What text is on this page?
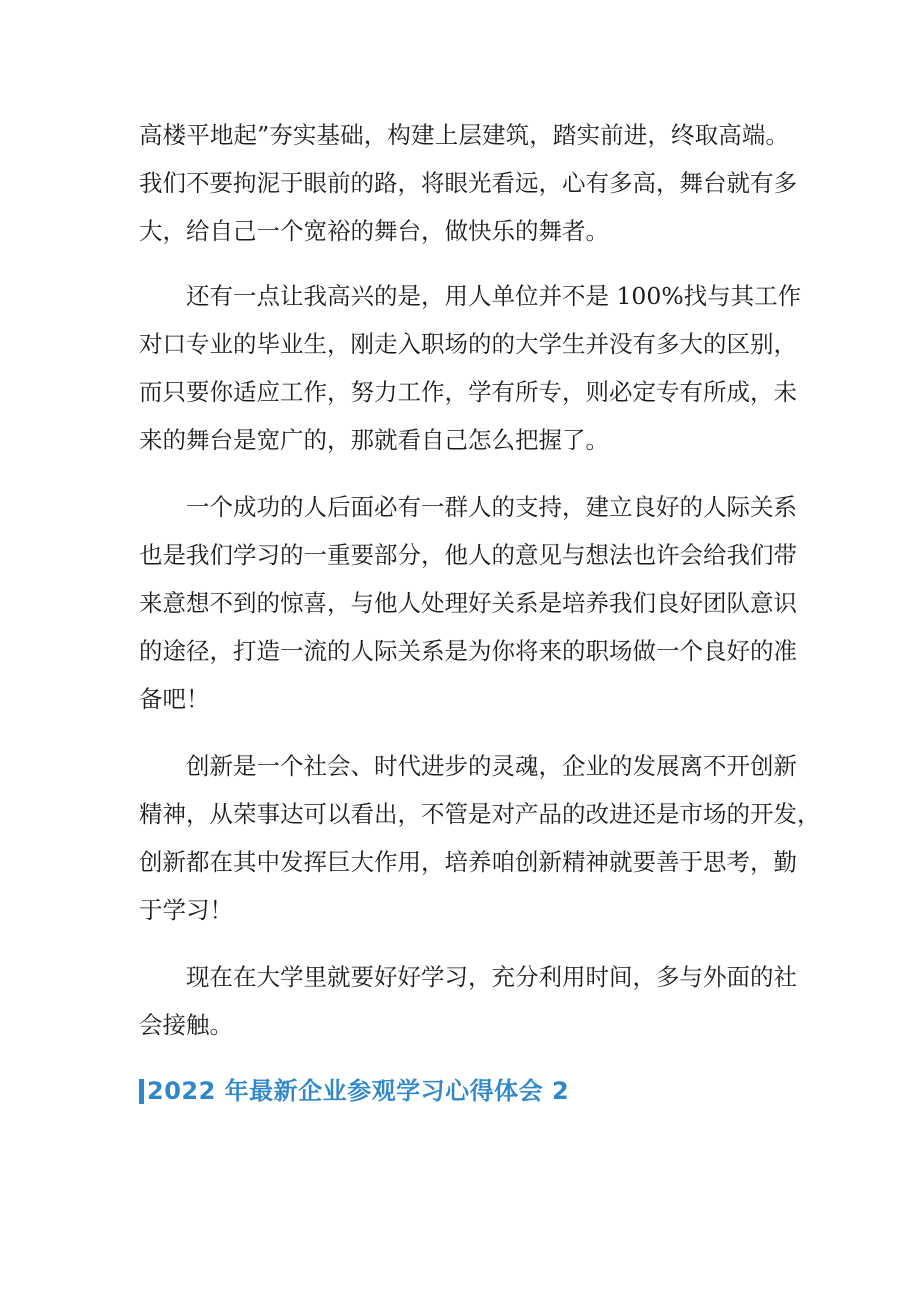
高楼平地起”夯实基础，构建上层建筑，踏实前进，终取高端。
我们不要拘泥于眼前的路，将眼光看远，心有多高，舞台就有多
大，给自己一个宽裕的舞台，做快乐的舞者。
还有一点让我高兴的是，用人单位并不是 100%找与其工作
对口专业的毕业生，刚走入职场的的大学生并没有多大的区别，
而只要你适应工作，努力工作，学有所专，则必定专有所成，未
来的舞台是宽广的，那就看自己怎么把握了。
一个成功的人后面必有一群人的支持，建立良好的人际关系
也是我们学习的一重要部分，他人的意见与想法也许会给我们带
来意想不到的惊喜，与他人处理好关系是培养我们良好团队意识
的途径，打造一流的人际关系是为你将来的职场做一个良好的准
备吧！
创新是一个社会、时代进步的灵魂，企业的发展离不开创新
精神，从荣事达可以看出，不管是对产品的改进还是市场的开发，
创新都在其中发挥巨大作用，培养咱创新精神就要善于思考，勤
于学习！
现在在大学里就要好好学习，充分利用时间，多与外面的社
会接触。
2022 年最新企业参观学习心得体会 2
